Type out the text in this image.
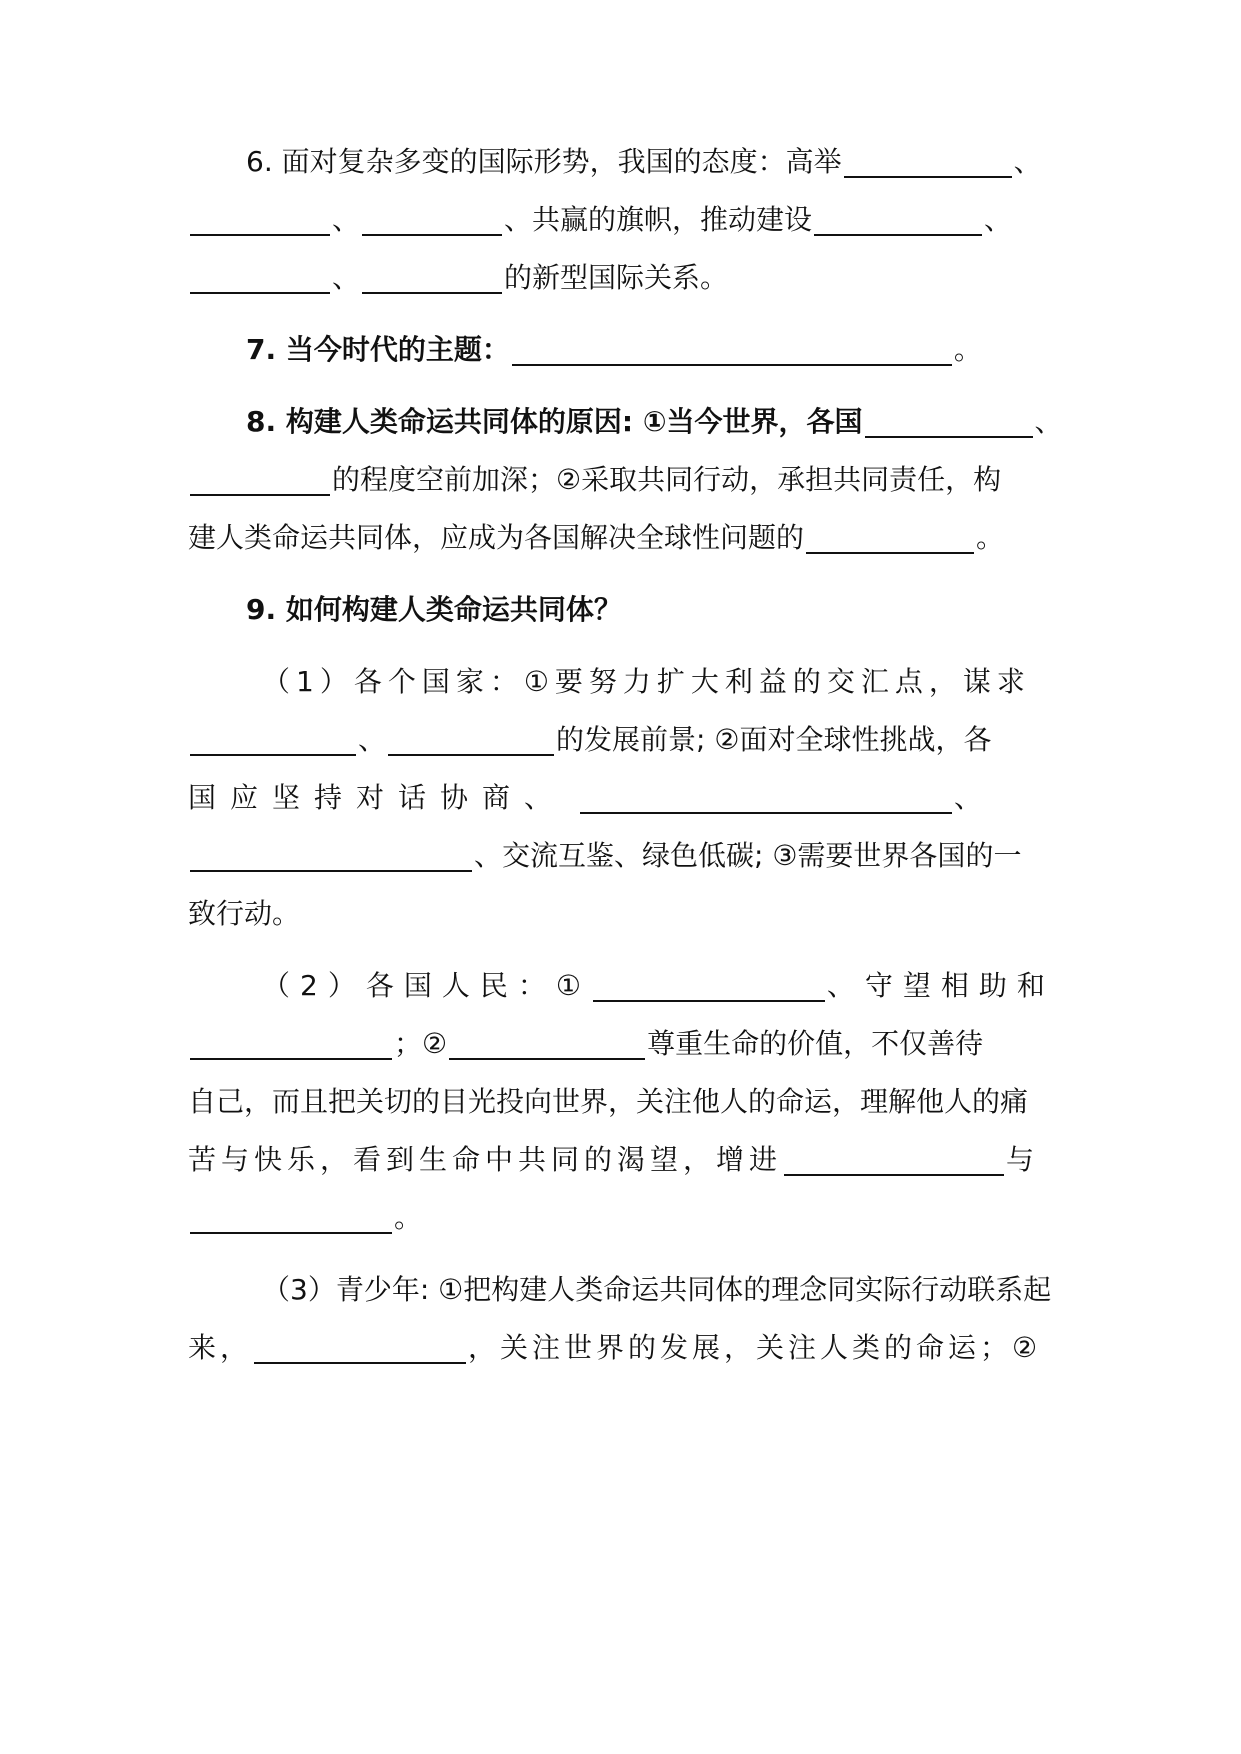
6. 面对复杂多变的国际形势，我国的态度：高举	、
、	、共赢的旗帜，推动建设	、
、	的新型国际关系。
7. 当今时代的主题：	。
8. 构建人类命运共同体的原因: ①当今世界，各国	、
的程度空前加深；②采取共同行动，承担共同责任，构
建人类命运共同体，应成为各国解决全球性问题的	。
9. 如何构建人类命运共同体？
（1）各个国家：①要努力扩大利益的交汇点，谋求
、	的发展前景; ②面对全球性挑战，各
国应坚持对话协商、	、
、交流互鉴、绿色低碳; ③需要世界各国的一
致行动。
（2）各国人民：①	、守望相助和
；②	尊重生命的价值，不仅善待
自己，而且把关切的目光投向世界，关注他人的命运，理解他人的痛
苦与快乐，看到生命中共同的渴望，增进	与
。
（3）青少年: ①把构建人类命运共同体的理念同实际行动联系起
来，	，关注世界的发展，关注人类的命运；②
